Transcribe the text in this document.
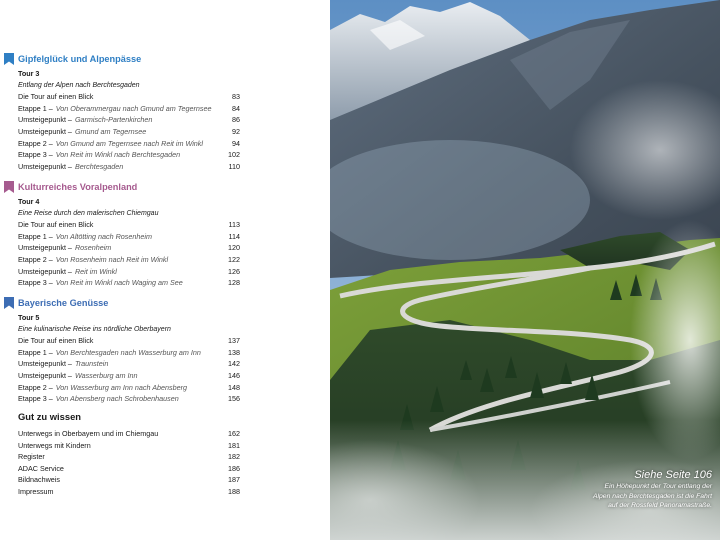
Gipfelglück und Alpenpässe
Tour 3
Entlang der Alpen nach Berchtesgaden
Die Tour auf einen Blick	83
Etappe 1 – Von Oberammergau nach Gmund am Tegernsee	84
Umsteigepunkt – Garmisch-Partenkirchen	86
Umsteigepunkt – Gmund am Tegernsee	92
Etappe 2 – Von Gmund am Tegernsee nach Reit im Winkl	94
Etappe 3 – Von Reit im Winkl nach Berchtesgaden	102
Umsteigepunkt – Berchtesgaden	110
Kulturreiches Voralpenland
Tour 4
Eine Reise durch den malerischen Chiemgau
Die Tour auf einen Blick	113
Etappe 1 – Von Altötting nach Rosenheim	114
Umsteigepunkt – Rosenheim	120
Etappe 2 – Von Rosenheim nach Reit im Winkl	122
Umsteigepunkt – Reit im Winkl	126
Etappe 3 – Von Reit im Winkl nach Waging am See	128
Bayerische Genüsse
Tour 5
Eine kulinarische Reise ins nördliche Oberbayern
Die Tour auf einen Blick	137
Etappe 1 – Von Berchtesgaden nach Wasserburg am Inn	138
Umsteigepunkt – Traunstein	142
Umsteigepunkt – Wasserburg am Inn	146
Etappe 2 – Von Wasserburg am Inn nach Abensberg	148
Etappe 3 – Von Abensberg nach Schrobenhausen	156
Gut zu wissen
Unterwegs in Oberbayern und im Chiemgau	162
Unterwegs mit Kindern	181
Register	182
ADAC Service	186
Bildnachweis	187
Impressum	188
Siehe Seite 106
Ein Höhepunkt der Tour entlang der
Alpen nach Berchtesgaden ist die Fahrt
auf der Rossfeld Panoramastraße.
